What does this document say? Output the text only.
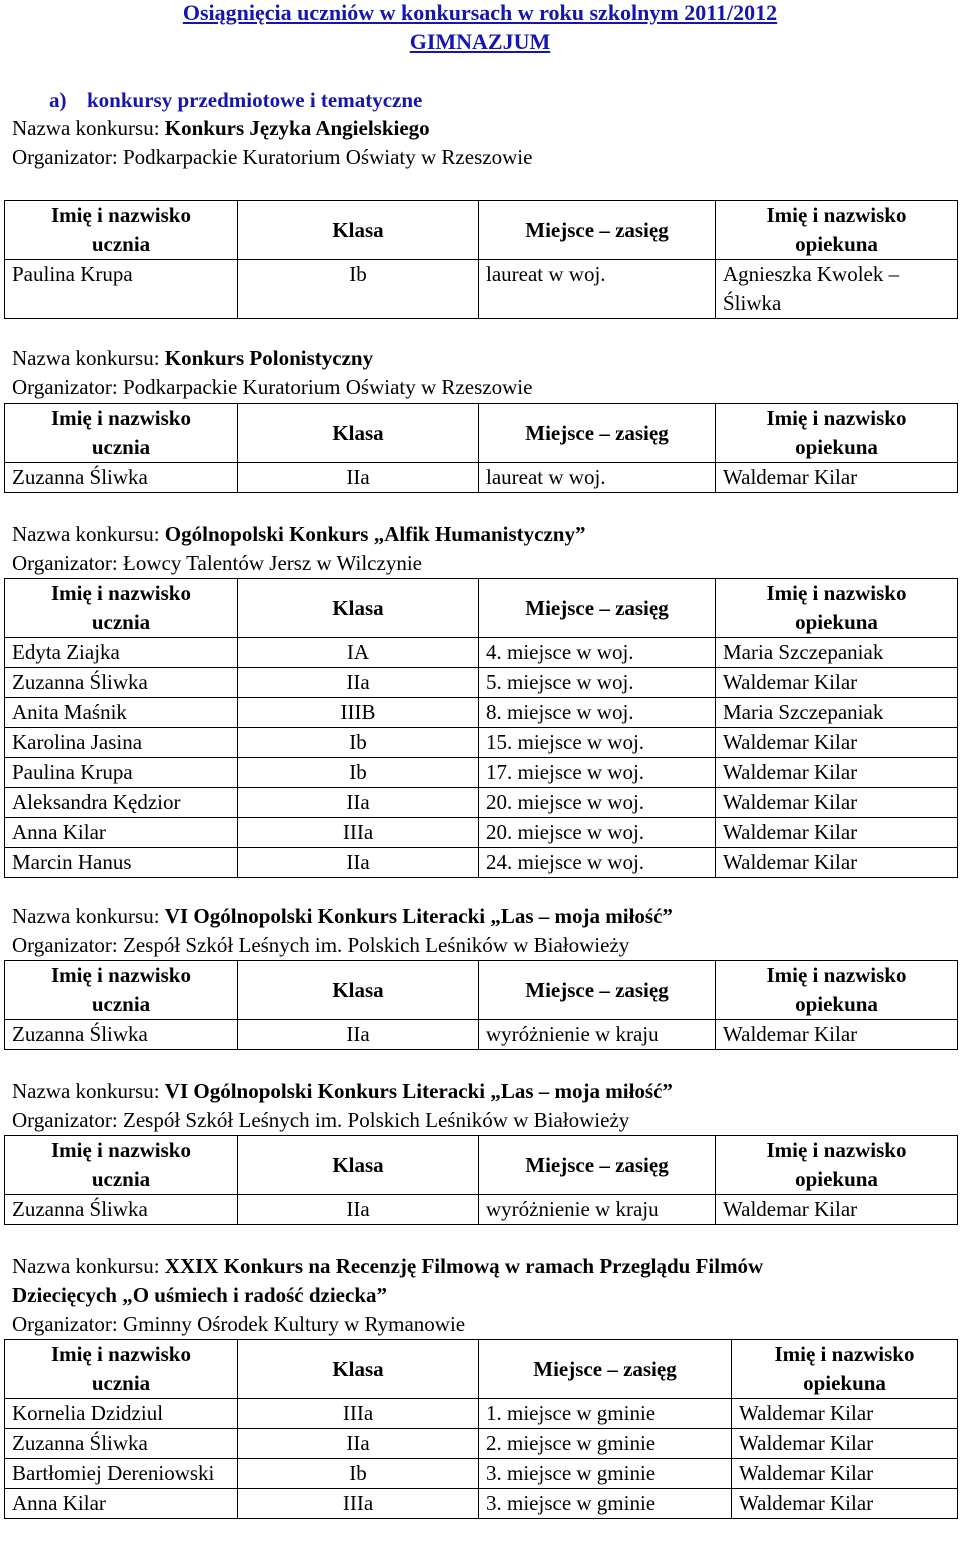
Osiągnięcia uczniów w konkursach w roku szkolnym 2011/2012
GIMNAZJUM
a) konkursy przedmiotowe i tematyczne
Nazwa konkursu: Konkurs Języka Angielskiego
Organizator: Podkarpackie Kuratorium Oświaty w Rzeszowie
Imię i nazwisko
ucznia	Klasa	Miejsce – zasięg	Imię i nazwisko
opiekuna
Paulina Krupa	Ib	laureat w woj.	Agnieszka Kwolek – Śliwka
Nazwa konkursu: Konkurs Polonistyczny
Organizator: Podkarpackie Kuratorium Oświaty w Rzeszowie
Imię i nazwisko
ucznia	Klasa	Miejsce – zasięg	Imię i nazwisko
opiekuna
Zuzanna Śliwka	IIa	laureat w woj.	Waldemar Kilar
Nazwa konkursu: Ogólnopolski Konkurs „Alfik Humanistyczny”
Organizator: Łowcy Talentów Jersz w Wilczynie
Imię i nazwisko
ucznia	Klasa	Miejsce – zasięg	Imię i nazwisko
opiekuna
Edyta Ziajka	IA	4. miejsce w woj.	Maria Szczepaniak
Zuzanna Śliwka	IIa	5. miejsce w woj.	Waldemar Kilar
Anita Maśnik	IIIB	8. miejsce w woj.	Maria Szczepaniak
Karolina Jasina	Ib	15. miejsce w woj.	Waldemar Kilar
Paulina Krupa	Ib	17. miejsce w woj.	Waldemar Kilar
Aleksandra Kędzior	IIa	20. miejsce w woj.	Waldemar Kilar
Anna Kilar	IIIa	20. miejsce w woj.	Waldemar Kilar
Marcin Hanus	IIa	24. miejsce w woj.	Waldemar Kilar
Nazwa konkursu: VI Ogólnopolski Konkurs Literacki „Las – moja miłość”
Organizator: Zespół Szkół Leśnych im. Polskich Leśników w Białowieży
Imię i nazwisko
ucznia	Klasa	Miejsce – zasięg	Imię i nazwisko
opiekuna
Zuzanna Śliwka	IIa	wyróżnienie w kraju	Waldemar Kilar
Nazwa konkursu: VI Ogólnopolski Konkurs Literacki „Las – moja miłość”
Organizator: Zespół Szkół Leśnych im. Polskich Leśników w Białowieży
Imię i nazwisko
ucznia	Klasa	Miejsce – zasięg	Imię i nazwisko
opiekuna
Zuzanna Śliwka	IIa	wyróżnienie w kraju	Waldemar Kilar
Nazwa konkursu: XXIX Konkurs na Recenzję Filmową w ramach Przeglądu Filmów
Dziecięcych „O uśmiech i radość dziecka”
Organizator: Gminny Ośrodek Kultury w Rymanowie
Imię i nazwisko
ucznia	Klasa	Miejsce – zasięg	Imię i nazwisko
opiekuna
Kornelia Dzidziul	IIIa	1. miejsce w gminie	Waldemar Kilar
Zuzanna Śliwka	IIa	2. miejsce w gminie	Waldemar Kilar
Bartłomiej Dereniowski	Ib	3. miejsce w gminie	Waldemar Kilar
Anna Kilar	IIIa	3. miejsce w gminie	Waldemar Kilar
